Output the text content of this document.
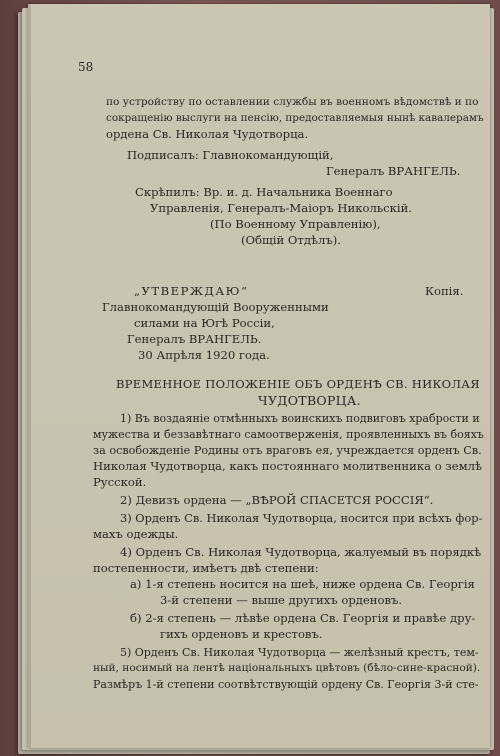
58
по устройству по оставлении службы въ военномъ вѣдомствѣ и по
сокращенiю выслуги на пенсiю, предоставляемыя нынѣ кавалерамъ
ордена Св. Николая Чудотворца.
Подписалъ: Главнокомандующiй,
Генералъ ВРАНГЕЛЬ.
Скрѣпилъ: Вр. и. д. Начальника Военнаго
Управленiя, Генералъ-Маiоръ Никольскiй.
(По Военному Управленiю),
(Общiй Отдѣлъ).
„УТВЕРЖДАЮ“	Копiя.
Главнокомандующiй Вооруженными
силами на Югѣ Россiи,
Генералъ ВРАНГЕЛЬ.
30 Апрѣля 1920 года.
ВРЕМЕННОЕ ПОЛОЖЕНIЕ ОБЪ ОРДЕНѢ СВ. НИКОЛАЯ
ЧУДОТВОРЦА.
1) Въ воздаянiе отмѣнныхъ воинскихъ подвиговъ храбрости и
мужества и беззавѣтнаго самоотверженiя, проявленныхъ въ бояхъ
за освобожденiе Родины отъ враговъ ея, учреждается орденъ Св.
Николая Чудотворца, какъ постояннаго молитвенника о землѣ
Русской.
2) Девизъ ордена — „ВѢРОЙ СПАСЕТСЯ РОССIЯ“.
3) Орденъ Св. Николая Чудотворца, носится при всѣхъ фор-
махъ одежды.
4) Орденъ Св. Николая Чудотворца, жалуемый въ порядкѣ
постепенности, имѣетъ двѣ степени:
а) 1-я степень носится на шеѣ, ниже ордена Св. Георгiя
3-й степени — выше другихъ орденовъ.
б) 2-я степень — лѣвѣе ордена Св. Георгiя и правѣе дру-
гихъ орденовъ и крестовъ.
5) Орденъ Св. Николая Чудотворца — желѣзный крестъ, тем-
ный, носимый на лентѣ нацiональныхъ цвѣтовъ (бѣло-сине-красной).
Размѣръ 1-й степени соотвѣтствующiй ордену Св. Георгiя 3-й сте-
